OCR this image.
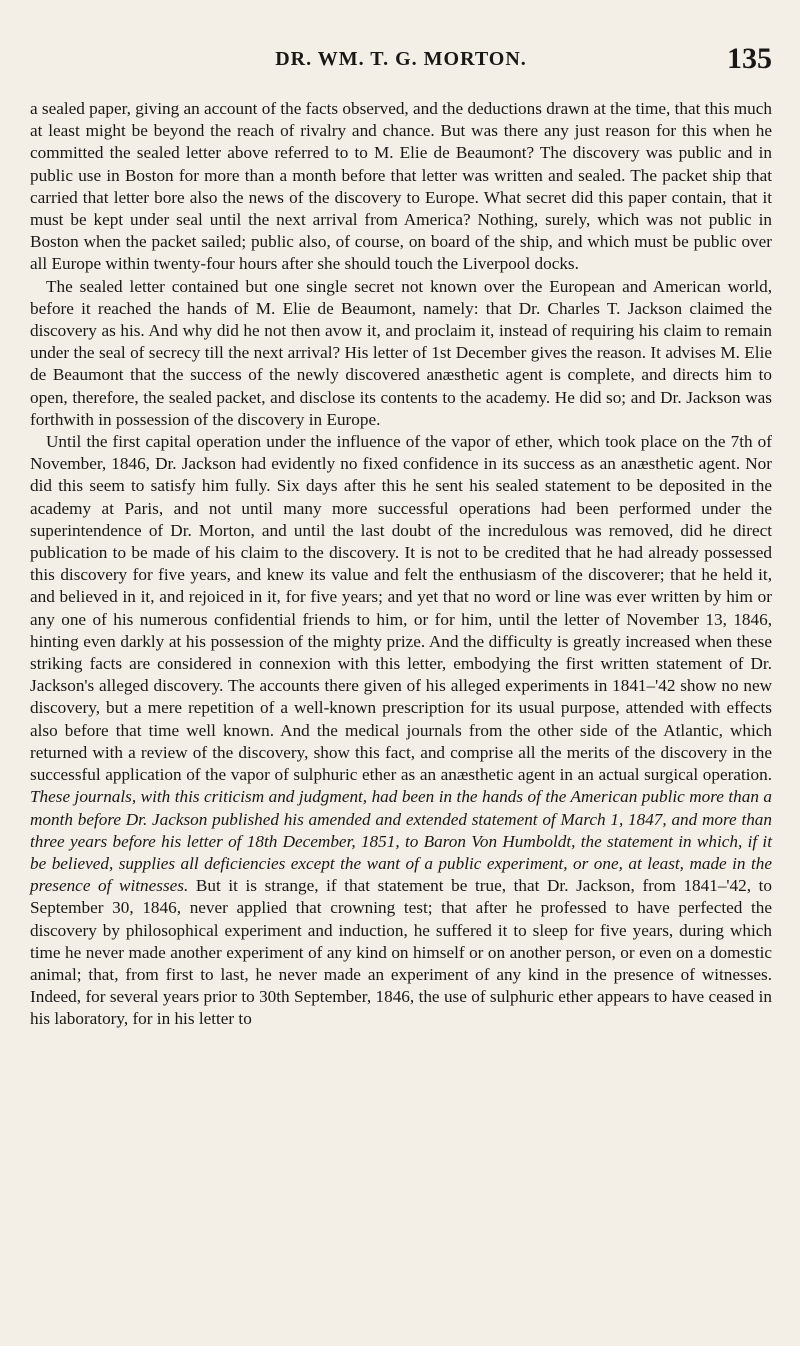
DR. WM. T. G. MORTON.	135

a sealed paper, giving an account of the facts observed, and the deductions drawn at the time, that this much at least might be beyond the reach of rivalry and chance. But was there any just reason for this when he committed the sealed letter above referred to to M. Elie de Beaumont? The discovery was public and in public use in Boston for more than a month before that letter was written and sealed. The packet ship that carried that letter bore also the news of the discovery to Europe. What secret did this paper contain, that it must be kept under seal until the next arrival from America? Nothing, surely, which was not public in Boston when the packet sailed; public also, of course, on board of the ship, and which must be public over all Europe within twenty-four hours after she should touch the Liverpool docks.

The sealed letter contained but one single secret not known over the European and American world, before it reached the hands of M. Elie de Beaumont, namely: that Dr. Charles T. Jackson claimed the discovery as his. And why did he not then avow it, and proclaim it, instead of requiring his claim to remain under the seal of secrecy till the next arrival? His letter of 1st December gives the reason. It advises M. Elie de Beaumont that the success of the newly discovered anæsthetic agent is complete, and directs him to open, therefore, the sealed packet, and disclose its contents to the academy. He did so; and Dr. Jackson was forthwith in possession of the discovery in Europe.

Until the first capital operation under the influence of the vapor of ether, which took place on the 7th of November, 1846, Dr. Jackson had evidently no fixed confidence in its success as an anæsthetic agent. Nor did this seem to satisfy him fully. Six days after this he sent his sealed statement to be deposited in the academy at Paris, and not until many more successful operations had been performed under the superintendence of Dr. Morton, and until the last doubt of the incredulous was removed, did he direct publication to be made of his claim to the discovery. It is not to be credited that he had already possessed this discovery for five years, and knew its value and felt the enthusiasm of the discoverer; that he held it, and believed in it, and rejoiced in it, for five years; and yet that no word or line was ever written by him or any one of his numerous confidential friends to him, or for him, until the letter of November 13, 1846, hinting even darkly at his possession of the mighty prize. And the difficulty is greatly increased when these striking facts are considered in connexion with this letter, embodying the first written statement of Dr. Jackson's alleged discovery. The accounts there given of his alleged experiments in 1841–'42 show no new discovery, but a mere repetition of a well-known prescription for its usual purpose, attended with effects also before that time well known. And the medical journals from the other side of the Atlantic, which returned with a review of the discovery, show this fact, and comprise all the merits of the discovery in the successful application of the vapor of sulphuric ether as an anæsthetic agent in an actual surgical operation. These journals, with this criticism and judgment, had been in the hands of the American public more than a month before Dr. Jackson published his amended and extended statement of March 1, 1847, and more than three years before his letter of 18th December, 1851, to Baron Von Humboldt, the statement in which, if it be believed, supplies all deficiencies except the want of a public experiment, or one, at least, made in the presence of witnesses. But it is strange, if that statement be true, that Dr. Jackson, from 1841–'42, to September 30, 1846, never applied that crowning test; that after he professed to have perfected the discovery by philosophical experiment and induction, he suffered it to sleep for five years, during which time he never made another experiment of any kind on himself or on another person, or even on a domestic animal; that, from first to last, he never made an experiment of any kind in the presence of witnesses. Indeed, for several years prior to 30th September, 1846, the use of sulphuric ether appears to have ceased in his laboratory, for in his letter to
